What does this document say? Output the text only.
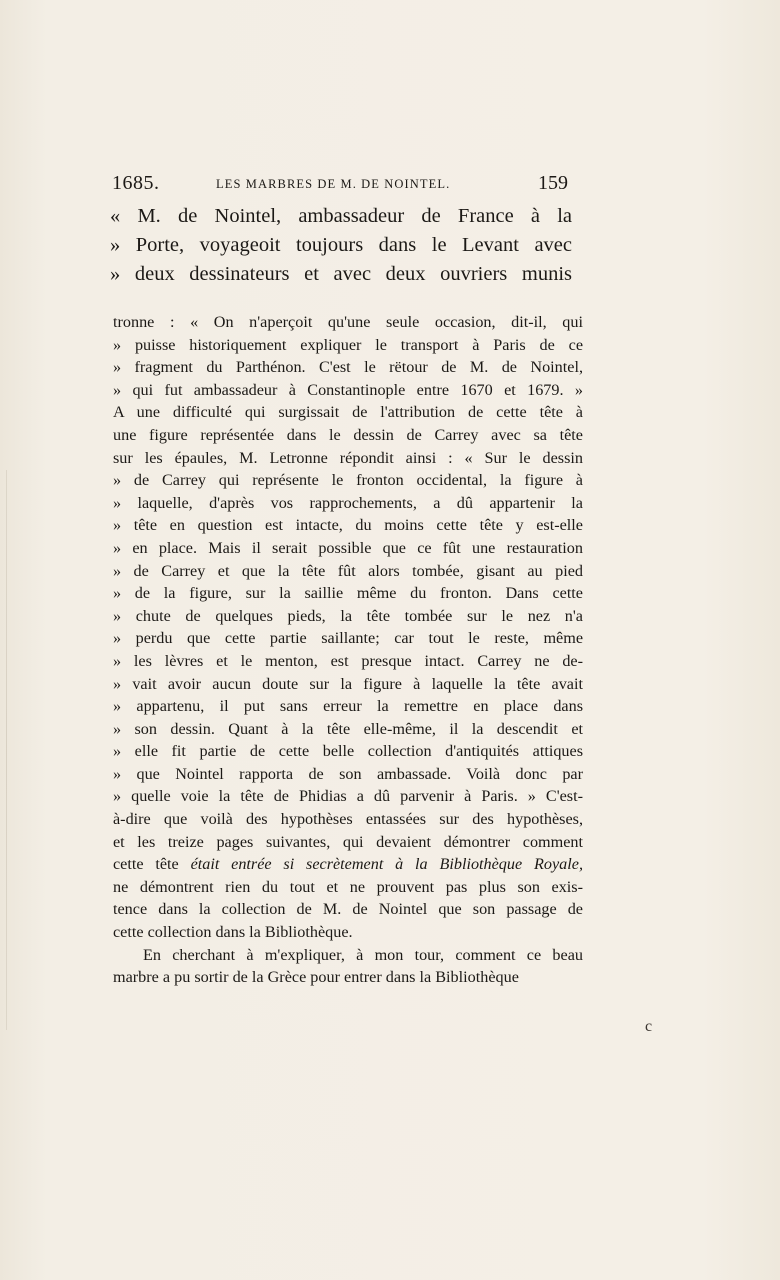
1685.	LES MARBRES DE M. DE NOINTEL.	159
« M. de Nointel, ambassadeur de France à la
» Porte, voyageoit toujours dans le Levant avec
» deux dessinateurs et avec deux ouvriers munis
tronne : « On n'aperçoit qu'une seule occasion, dit-il, qui
» puisse historiquement expliquer le transport à Paris de ce
» fragment du Parthénon. C'est le rëtour de M. de Nointel,
» qui fut ambassadeur à Constantinople entre 1670 et 1679. »
A une difficulté qui surgissait de l'attribution de cette tête à
une figure représentée dans le dessin de Carrey avec sa tête
sur les épaules, M. Letronne répondit ainsi : « Sur le dessin
» de Carrey qui représente le fronton occidental, la figure à
» laquelle, d'après vos rapprochements, a dû appartenir la
» tête en question est intacte, du moins cette tête y est-elle
» en place. Mais il serait possible que ce fût une restauration
» de Carrey et que la tête fût alors tombée, gisant au pied
» de la figure, sur la saillie même du fronton. Dans cette
» chute de quelques pieds, la tête tombée sur le nez n'a
» perdu que cette partie saillante; car tout le reste, même
» les lèvres et le menton, est presque intact. Carrey ne de-
» vait avoir aucun doute sur la figure à laquelle la tête avait
» appartenu, il put sans erreur la remettre en place dans
» son dessin. Quant à la tête elle-même, il la descendit et
» elle fit partie de cette belle collection d'antiquités attiques
» que Nointel rapporta de son ambassade. Voilà donc par
» quelle voie la tête de Phidias a dû parvenir à Paris. » C'est-
à-dire que voilà des hypothèses entassées sur des hypothèses,
et les treize pages suivantes, qui devaient démontrer comment
cette tête était entrée si secrètement à la Bibliothèque Royale,
ne démontrent rien du tout et ne prouvent pas plus son exis-
tence dans la collection de M. de Nointel que son passage de
cette collection dans la Bibliothèque.
En cherchant à m'expliquer, à mon tour, comment ce beau
marbre a pu sortir de la Grèce pour entrer dans la Bibliothèque
c
